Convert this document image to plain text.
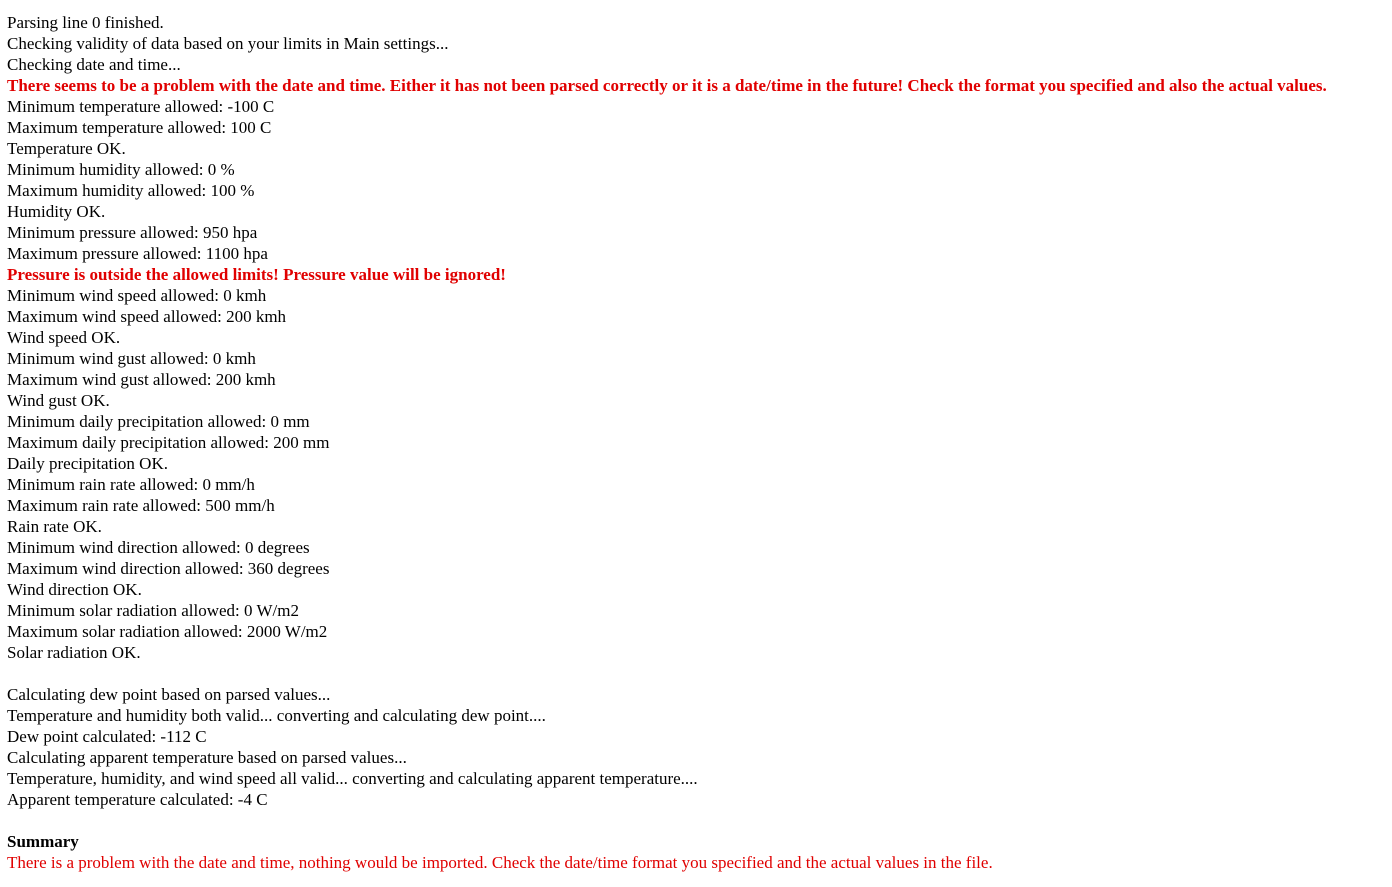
Parsing line 0 finished.
Checking validity of data based on your limits in Main settings...
Checking date and time...
There seems to be a problem with the date and time. Either it has not been parsed correctly or it is a date/time in the future! Check the format you specified and also the actual values.
Minimum temperature allowed: -100 C
Maximum temperature allowed: 100 C
Temperature OK.
Minimum humidity allowed: 0 %
Maximum humidity allowed: 100 %
Humidity OK.
Minimum pressure allowed: 950 hpa
Maximum pressure allowed: 1100 hpa
Pressure is outside the allowed limits! Pressure value will be ignored!
Minimum wind speed allowed: 0 kmh
Maximum wind speed allowed: 200 kmh
Wind speed OK.
Minimum wind gust allowed: 0 kmh
Maximum wind gust allowed: 200 kmh
Wind gust OK.
Minimum daily precipitation allowed: 0 mm
Maximum daily precipitation allowed: 200 mm
Daily precipitation OK.
Minimum rain rate allowed: 0 mm/h
Maximum rain rate allowed: 500 mm/h
Rain rate OK.
Minimum wind direction allowed: 0 degrees
Maximum wind direction allowed: 360 degrees
Wind direction OK.
Minimum solar radiation allowed: 0 W/m2
Maximum solar radiation allowed: 2000 W/m2
Solar radiation OK.
Calculating dew point based on parsed values...
Temperature and humidity both valid... converting and calculating dew point....
Dew point calculated: -112 C
Calculating apparent temperature based on parsed values...
Temperature, humidity, and wind speed all valid... converting and calculating apparent temperature....
Apparent temperature calculated: -4 C
Summary
There is a problem with the date and time, nothing would be imported. Check the date/time format you specified and the actual values in the file.
